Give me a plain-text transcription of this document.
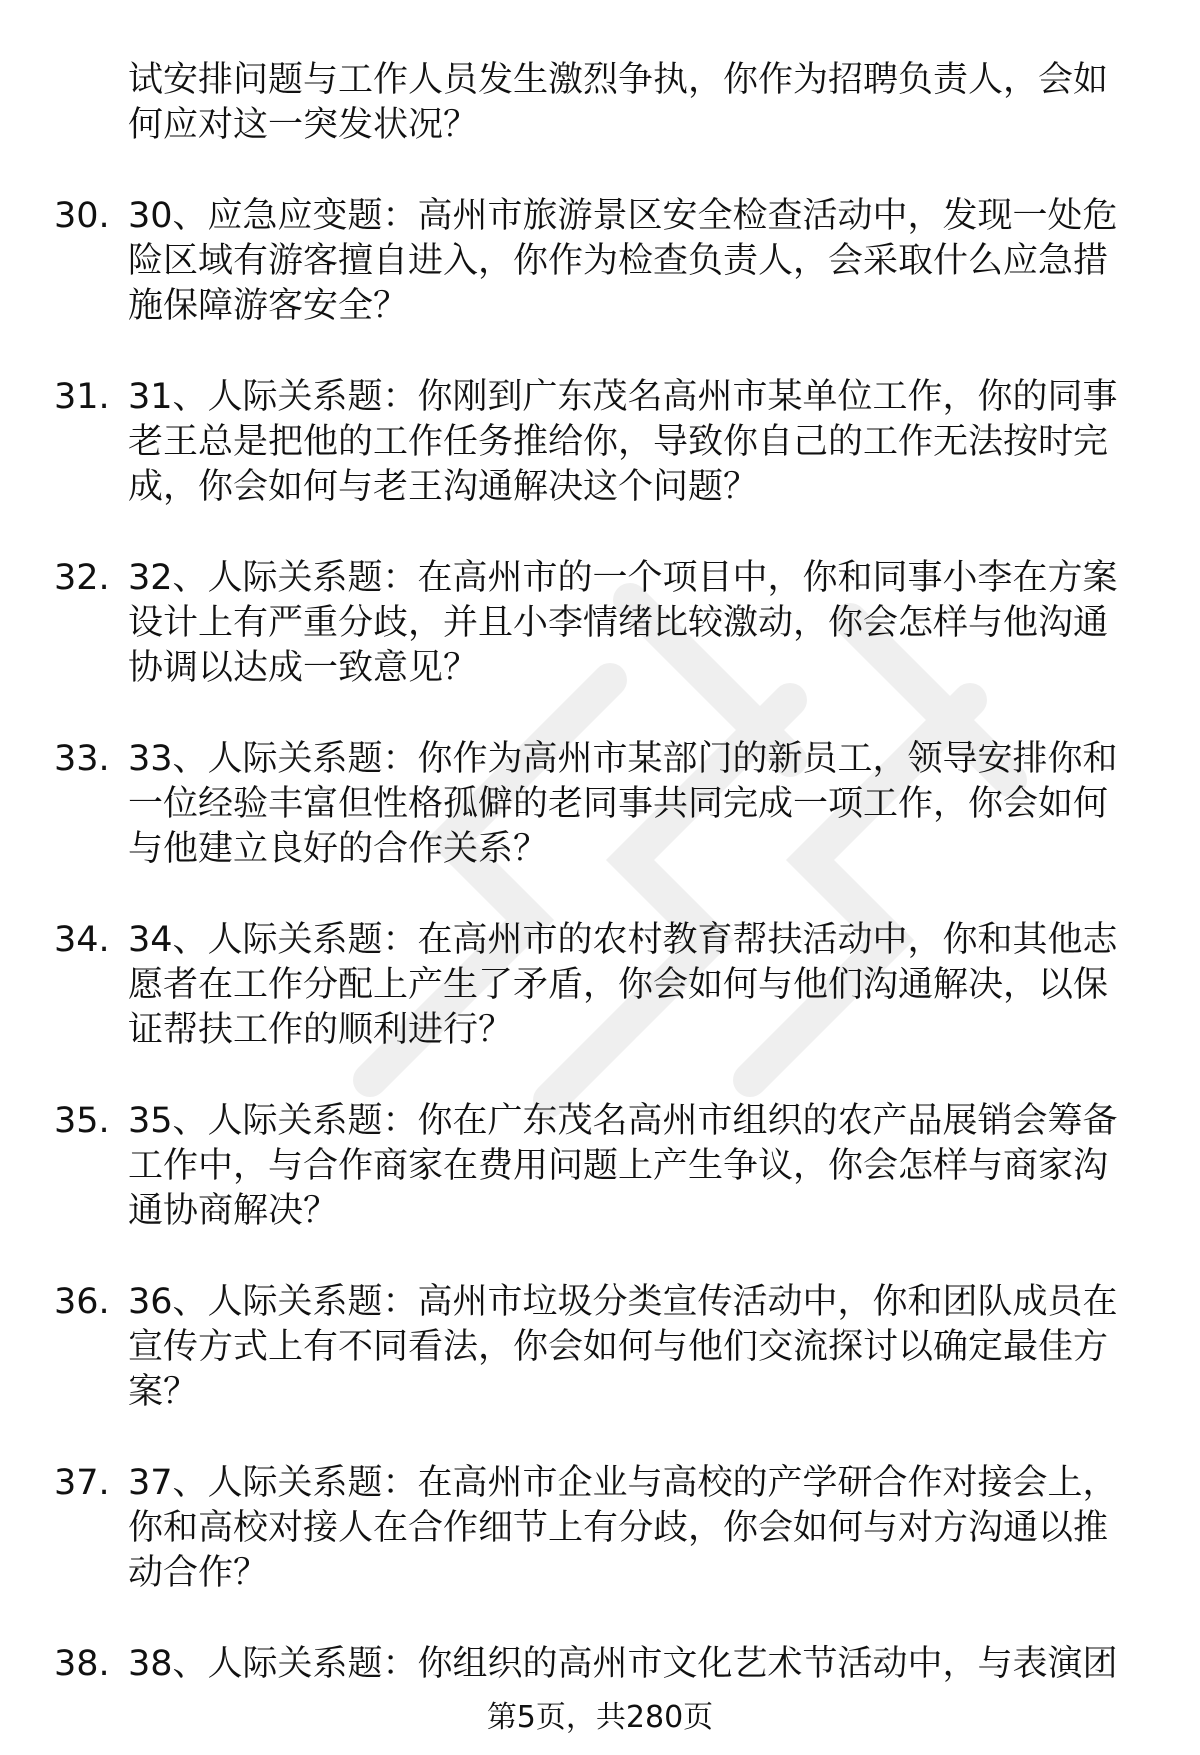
试安排问题与工作人员发生激烈争执，你作为招聘负责人，会如何应对这一突发状况？
30. 30、应急应变题：高州市旅游景区安全检查活动中，发现一处危险区域有游客擅自进入，你作为检查负责人，会采取什么应急措施保障游客安全？
31. 31、人际关系题：你刚到广东茂名高州市某单位工作，你的同事老王总是把他的工作任务推给你，导致你自己的工作无法按时完成，你会如何与老王沟通解决这个问题？
32. 32、人际关系题：在高州市的一个项目中，你和同事小李在方案设计上有严重分歧，并且小李情绪比较激动，你会怎样与他沟通协调以达成一致意见？
33. 33、人际关系题：你作为高州市某部门的新员工，领导安排你和一位经验丰富但性格孤僻的老同事共同完成一项工作，你会如何与他建立良好的合作关系？
34. 34、人际关系题：在高州市的农村教育帮扶活动中，你和其他志愿者在工作分配上产生了矛盾，你会如何与他们沟通解决，以保证帮扶工作的顺利进行？
35. 35、人际关系题：你在广东茂名高州市组织的农产品展销会筹备工作中，与合作商家在费用问题上产生争议，你会怎样与商家沟通协商解决？
36. 36、人际关系题：高州市垃圾分类宣传活动中，你和团队成员在宣传方式上有不同看法，你会如何与他们交流探讨以确定最佳方案？
37. 37、人际关系题：在高州市企业与高校的产学研合作对接会上，你和高校对接人在合作细节上有分歧，你会如何与对方沟通以推动合作？
38. 38、人际关系题：你组织的高州市文化艺术节活动中，与表演团
第5页，共280页
